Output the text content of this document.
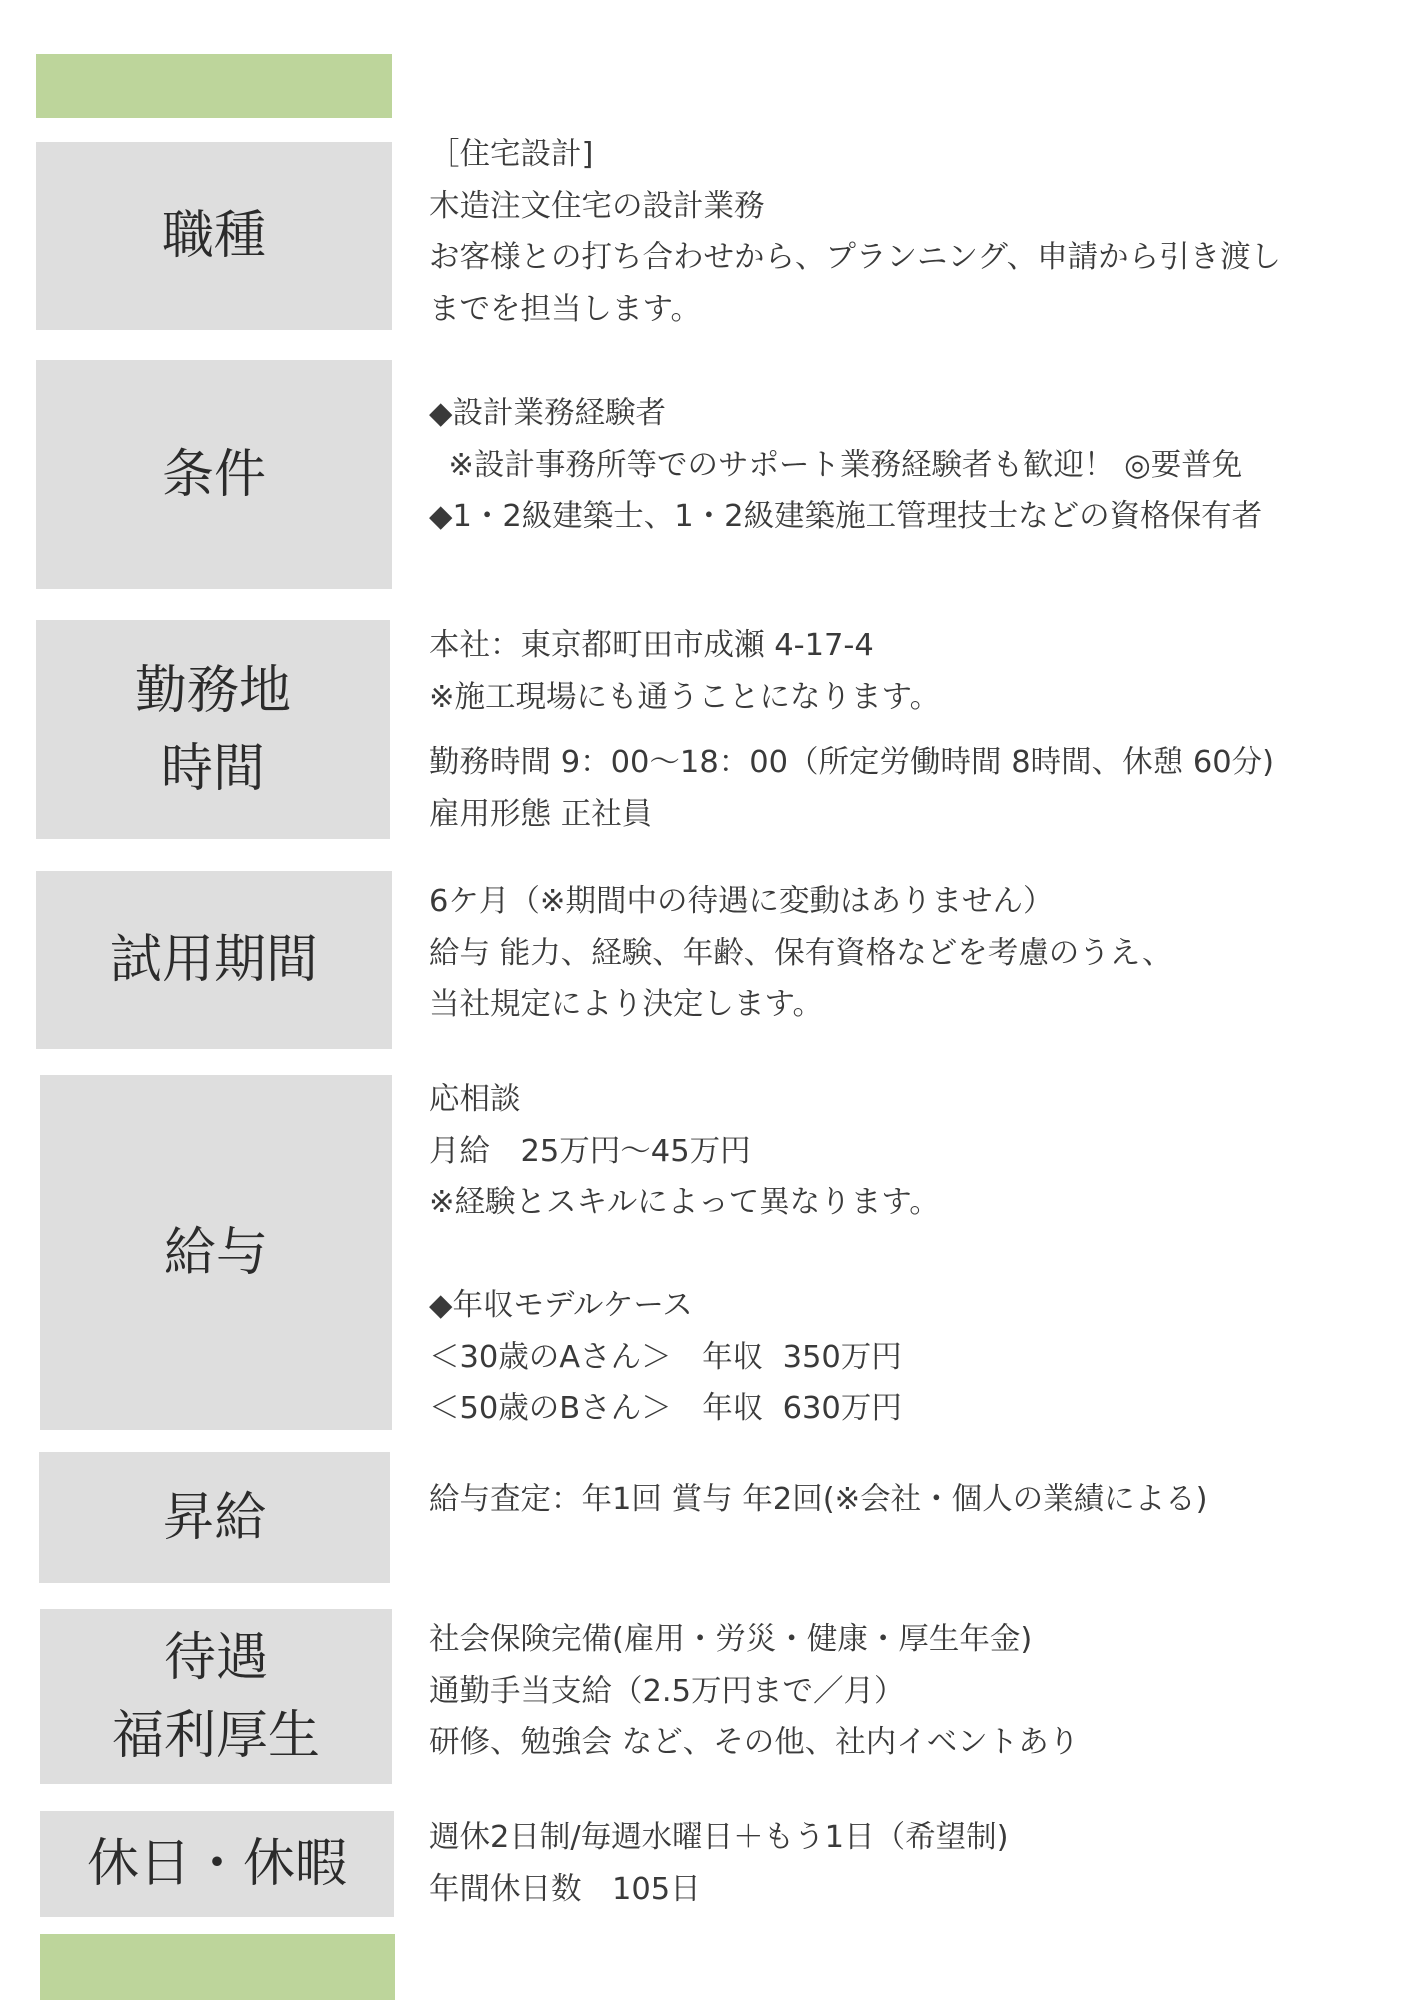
職種
［住宅設計]
木造注文住宅の設計業務
お客様との打ち合わせから、プランニング、申請から引き渡し
までを担当します。
条件
◆設計業務経験者
※設計事務所等でのサポート業務経験者も歓迎！ ◎要普免
◆1・2級建築士、1・2級建築施工管理技士などの資格保有者
勤務地
時間
本社：東京都町田市成瀬 4-17-4
※施工現場にも通うことになります。
勤務時間 9：00〜18：00（所定労働時間 8時間、休憩 60分)
雇用形態 正社員
試用期間
6ケ月（※期間中の待遇に変動はありません）
給与 能力、経験、年齢、保有資格などを考慮のうえ、
当社規定により決定します。
給与
応相談
月給　25万円〜45万円
※経験とスキルによって異なります。
◆年収モデルケース
＜30歳のAさん＞　年収  350万円
＜50歳のBさん＞　年収  630万円
昇給	給与査定：年1回 賞与 年2回(※会社・個人の業績による)
待遇
福利厚生
社会保険完備(雇用・労災・健康・厚生年金)
通勤手当支給（2.5万円まで／月）
研修、勉強会 など、その他、社内イベントあり
休日・休暇	週休2日制/毎週水曜日＋もう1日（希望制)
年間休日数　105日
